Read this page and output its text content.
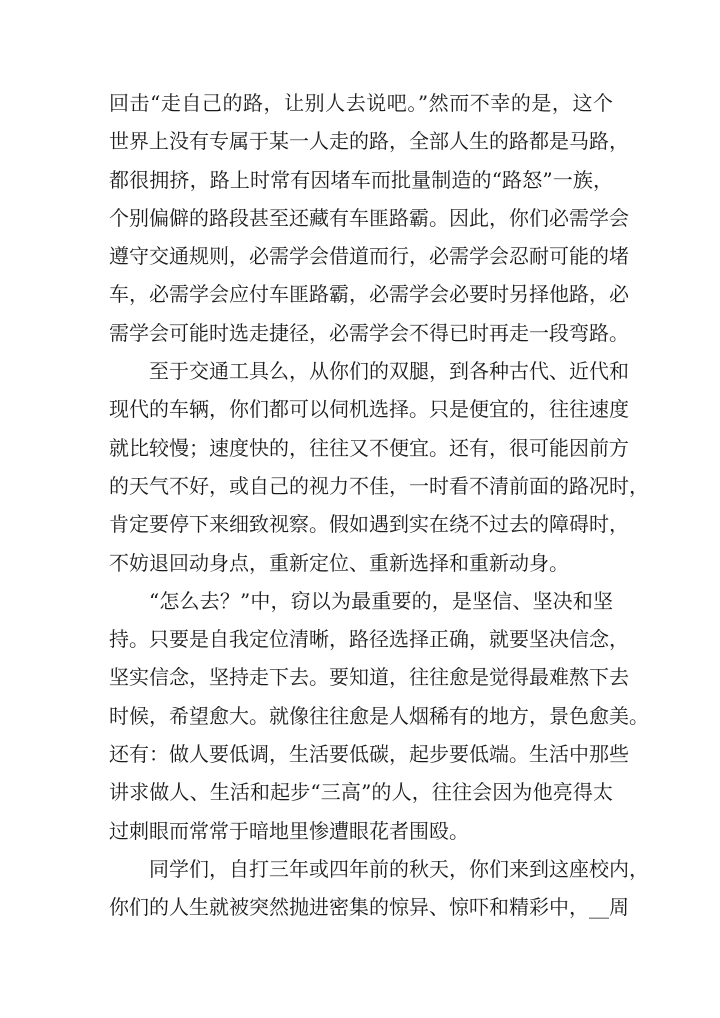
回击“走自己的路，让别人去说吧。”然而不幸的是，这个
世界上没有专属于某一人走的路，全部人生的路都是马路，
都很拥挤，路上时常有因堵车而批量制造的“路怒”一族，
个别偏僻的路段甚至还藏有车匪路霸。因此，你们必需学会
遵守交通规则，必需学会借道而行，必需学会忍耐可能的堵
车，必需学会应付车匪路霸，必需学会必要时另择他路，必
需学会可能时选走捷径，必需学会不得已时再走一段弯路。
至于交通工具么，从你们的双腿，到各种古代、近代和
现代的车辆，你们都可以伺机选择。只是便宜的，往往速度
就比较慢；速度快的，往往又不便宜。还有，很可能因前方
的天气不好，或自己的视力不佳，一时看不清前面的路况时，
肯定要停下来细致视察。假如遇到实在绕不过去的障碍时，
不妨退回动身点，重新定位、重新选择和重新动身。
“怎么去？”中，窃以为最重要的，是坚信、坚决和坚
持。只要是自我定位清晰，路径选择正确，就要坚决信念，
坚实信念，坚持走下去。要知道，往往愈是觉得最难熬下去
时候，希望愈大。就像往往愈是人烟稀有的地方，景色愈美。
还有：做人要低调，生活要低碳，起步要低端。生活中那些
讲求做人、生活和起步“三高”的人，往往会因为他亮得太
过刺眼而常常于暗地里惨遭眼花者围殴。
同学们，自打三年或四年前的秋天，你们来到这座校内，
你们的人生就被突然抛进密集的惊异、惊吓和精彩中，__周
